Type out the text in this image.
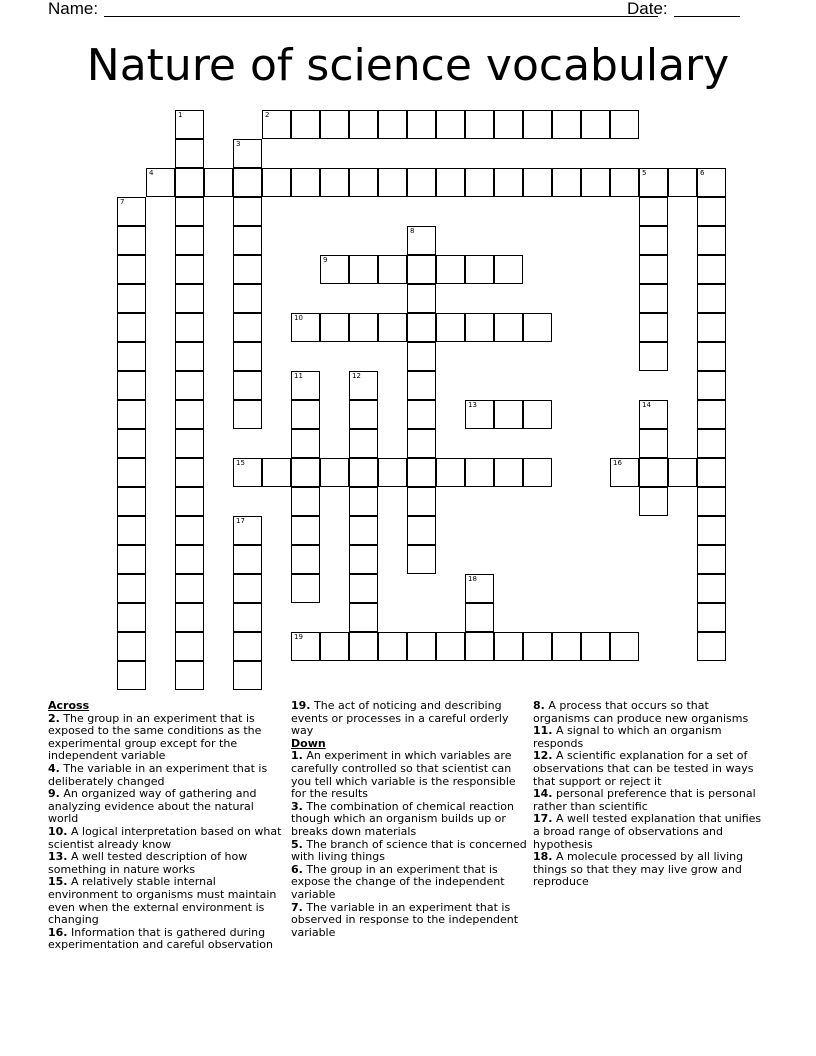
Name:	Date:
Nature of science vocabulary
1	2
3
4	5	6
7
8
9
10
11	12
13	14
15	16
17
18
19
Across
2. The group in an experiment that is exposed to the same conditions as the experimental group except for the independent variable
4. The variable in an experiment that is deliberately changed
9. An organized way of gathering and analyzing evidence about the natural world
10. A logical interpretation based on what scientist already know
13. A well tested description of how something in nature works
15. A relatively stable internal environment to organisms must maintain even when the external environment is changing
16. Information that is gathered during experimentation and careful observation
19. The act of noticing and describing events or processes in a careful orderly way
Down
1. An experiment in which variables are carefully controlled so that scientist can you tell which variable is the responsible for the results
3. The combination of chemical reaction though which an organism builds up or breaks down materials
5. The branch of science that is concerned with living things
6. The group in an experiment that is expose the change of the independent variable
7. The variable in an experiment that is observed in response to the independent variable
8. A process that occurs so that organisms can produce new organisms
11. A signal to which an organism responds
12. A scientific explanation for a set of observations that can be tested in ways that support or reject it
14. personal preference that is personal rather than scientific
17. A well tested explanation that unifies a broad range of observations and hypothesis
18. A molecule processed by all living things so that they may live grow and reproduce
